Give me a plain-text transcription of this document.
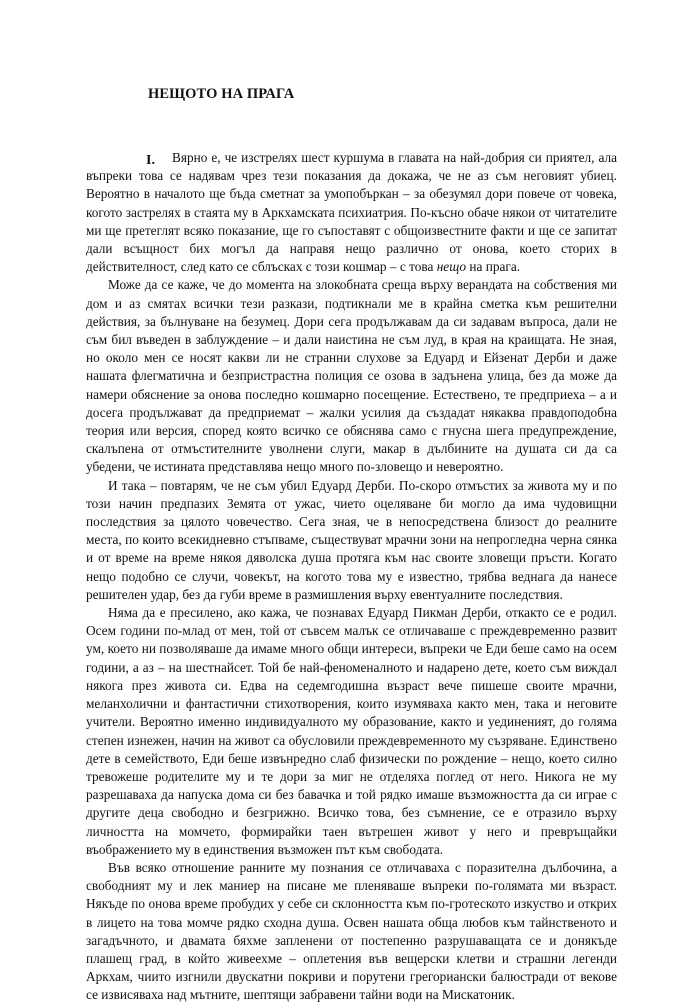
НЕЩОТО НА ПРАГА
I.	Вярно е, че изстрелях шест куршума в главата на най-добрия си приятел, ала въпреки това се надявам чрез тези показания да докажа, че не аз съм неговият убиец. Вероятно в началото ще бъда сметнат за умопобъркан – за обезумял дори повече от човека, когото застрелях в стаята му в Аркхамската психиатрия. По-късно обаче някои от читателите ми ще претеглят всяко показание, ще го съпоставят с общоизвестните факти и ще се запитат дали всъщност бих могъл да направя нещо различно от онова, което сторих в действителност, след като се сблъсках с този кошмар – с това нещо на прага.

Може да се каже, че до момента на злокобната среща върху верандата на собствения ми дом и аз смятах всички тези разкази, подтикнали ме в крайна сметка към решителни действия, за бълнуване на безумец. Дори сега продължавам да си задавам въпроса, дали не съм бил въведен в заблуждение – и дали наистина не съм луд, в края на краищата. Не зная, но около мен се носят какви ли не странни слухове за Едуард и Ейзенат Дерби и даже нашата флегматична и безпристрастна полиция се озова в задънена улица, без да може да намери обяснение за онова последно кошмарно посещение. Естествено, те предприеха – а и досега продължават да предприемат – жалки усилия да създадат някаква правдоподобна теория или версия, според която всичко се обяснява само с гнусна шега предупреждение, скалъпена от отмъстителните уволнени слуги, макар в дълбините на душата си да са убедени, че истината представлява нещо много по-зловещо и невероятно.

И така – повтарям, че не съм убил Едуард Дерби. По-скоро отмъстих за живота му и по този начин предпазих Земята от ужас, чието оцеляване би могло да има чудовищни последствия за цялото човечество. Сега зная, че в непосредствена близост до реалните места, по които всекидневно стъпваме, съществуват мрачни зони на непрогледна черна сянка и от време на време някоя дяволска душа протяга към нас своите зловещи пръсти. Когато нещо подобно се случи, човекът, на когото това му е известно, трябва веднага да нанесе решителен удар, без да губи време в размишления върху евентуалните последствия.

Няма да е пресилено, ако кажа, че познавах Едуард Пикман Дерби, откакто се е родил. Осем години по-млад от мен, той от съвсем малък се отличаваше с преждевременно развит ум, което ни позволяваше да имаме много общи интереси, въпреки че Еди беше само на осем години, а аз – на шестнайсет. Той бе най-феноменалното и надарено дете, което съм виждал някога през живота си. Едва на седемгодишна възраст вече пишеше своите мрачни, меланхолични и фантастични стихотворения, които изумяваха както мен, така и неговите учители. Вероятно именно индивидуалното му образование, както и уединеният, до голяма степен изнежен, начин на живот са обусловили преждевременното му съзряване. Единствено дете в семейството, Еди беше извънредно слаб физически по рождение – нещо, което силно тревожеше родителите му и те дори за миг не отделяха поглед от него. Никога не му разрешаваха да напуска дома си без бавачка и той рядко имаше възможността да си играе с другите деца свободно и безгрижно. Всичко това, без съмнение, се е отразило върху личността на момчето, формирайки таен вътрешен живот у него и превръщайки въображението му в единствения възможен път към свободата.

Във всяко отношение ранните му познания се отличаваха с поразителна дълбочина, а свободният му и лек маниер на писане ме пленяваше въпреки по-голямата ми възраст. Някъде по онова време пробудих у себе си склонността към по-гротеското изкуство и открих в лицето на това момче рядко сходна душа. Освен нашата обща любов към тайнственото и загадъчното, и двамата бяхме запленени от постепенно разрушаващата се и донякъде плашещ град, в който живеехме – оплетения във вещерски клетви и страшни легенди Аркхам, чиито изгнили двускатни покриви и порутени грегориански балюстради от векове се извисяваха над мътните, шептящи забравени тайни води на Мискатоник.
